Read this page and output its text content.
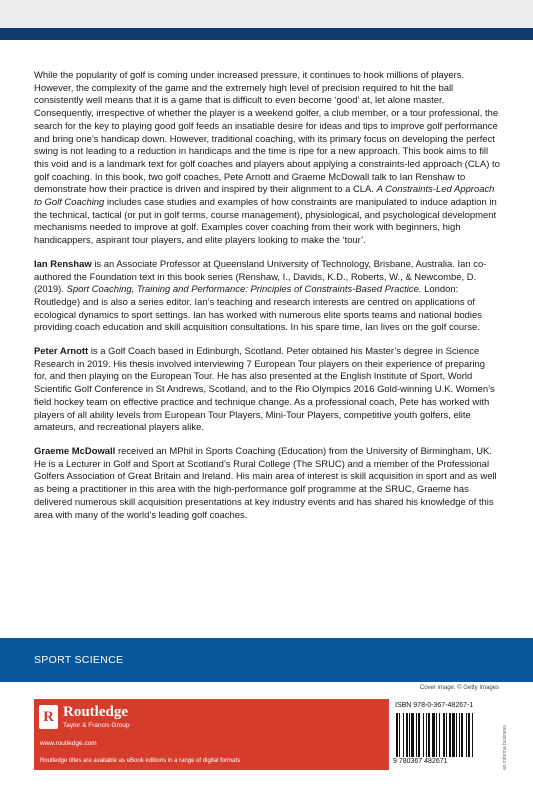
While the popularity of golf is coming under increased pressure, it continues to hook millions of players. However, the complexity of the game and the extremely high level of precision required to hit the ball consistently well means that it is a game that is difficult to even become ‘good’ at, let alone master. Consequently, irrespective of whether the player is a weekend golfer, a club member, or a tour professional, the search for the key to playing good golf feeds an insatiable desire for ideas and tips to improve golf performance and bring one’s handicap down. However, traditional coaching, with its primary focus on developing the perfect swing is not leading to a reduction in handicaps and the time is ripe for a new approach. This book aims to fill this void and is a landmark text for golf coaches and players about applying a constraints-led approach (CLA) to golf coaching. In this book, two golf coaches, Pete Arnott and Graeme McDowall talk to Ian Renshaw to demonstrate how their practice is driven and inspired by their alignment to a CLA. A Constraints-Led Approach to Golf Coaching includes case studies and examples of how constraints are manipulated to induce adaption in the technical, tactical (or put in golf terms, course management), physiological, and psychological development mechanisms needed to improve at golf. Examples cover coaching from their work with beginners, high handicappers, aspirant tour players, and elite players looking to make the ‘tour’.

Ian Renshaw is an Associate Professor at Queensland University of Technology, Brisbane, Australia. Ian co-authored the Foundation text in this book series (Renshaw, I., Davids, K.D., Roberts, W., & Newcombe, D. (2019). Sport Coaching, Training and Performance: Principles of Constraints-Based Practice. London: Routledge) and is also a series editor. Ian’s teaching and research interests are centred on applications of ecological dynamics to sport settings. Ian has worked with numerous elite sports teams and national bodies providing coach education and skill acquisition consultations. In his spare time, Ian lives on the golf course.

Peter Arnott is a Golf Coach based in Edinburgh, Scotland. Peter obtained his Master’s degree in Science Research in 2019. His thesis involved interviewing 7 European Tour players on their experience of preparing for, and then playing on the European Tour. He has also presented at the English Institute of Sport, World Scientific Golf Conference in St Andrews, Scotland, and to the Rio Olympics 2016 Gold-winning U.K. Women’s field hockey team on effective practice and technique change. As a professional coach, Pete has worked with players of all ability levels from European Tour Players, Mini-Tour Players, competitive youth golfers, elite amateurs, and recreational players alike.

Graeme McDowall received an MPhil in Sports Coaching (Education) from the University of Birmingham, UK. He is a Lecturer in Golf and Sport at Scotland’s Rural College (The SRUC) and a member of the Professional Golfers Association of Great Britain and Ireland. His main area of interest is skill acquisition in sport and as well as being a practitioner in this area with the high-performance golf programme at the SRUC, Graeme has delivered numerous skill acquisition presentations at key industry events and has shared his knowledge of this area with many of the world’s leading golf coaches.

SPORT SCIENCE
Cover image: © Getty Images
R Routledge
Taylor & Francis Group
www.routledge.com
Routledge titles are available as eBook editions in a range of digital formats
ISBN 978-0-367-48267-1
9 780367 482671	an informa business
